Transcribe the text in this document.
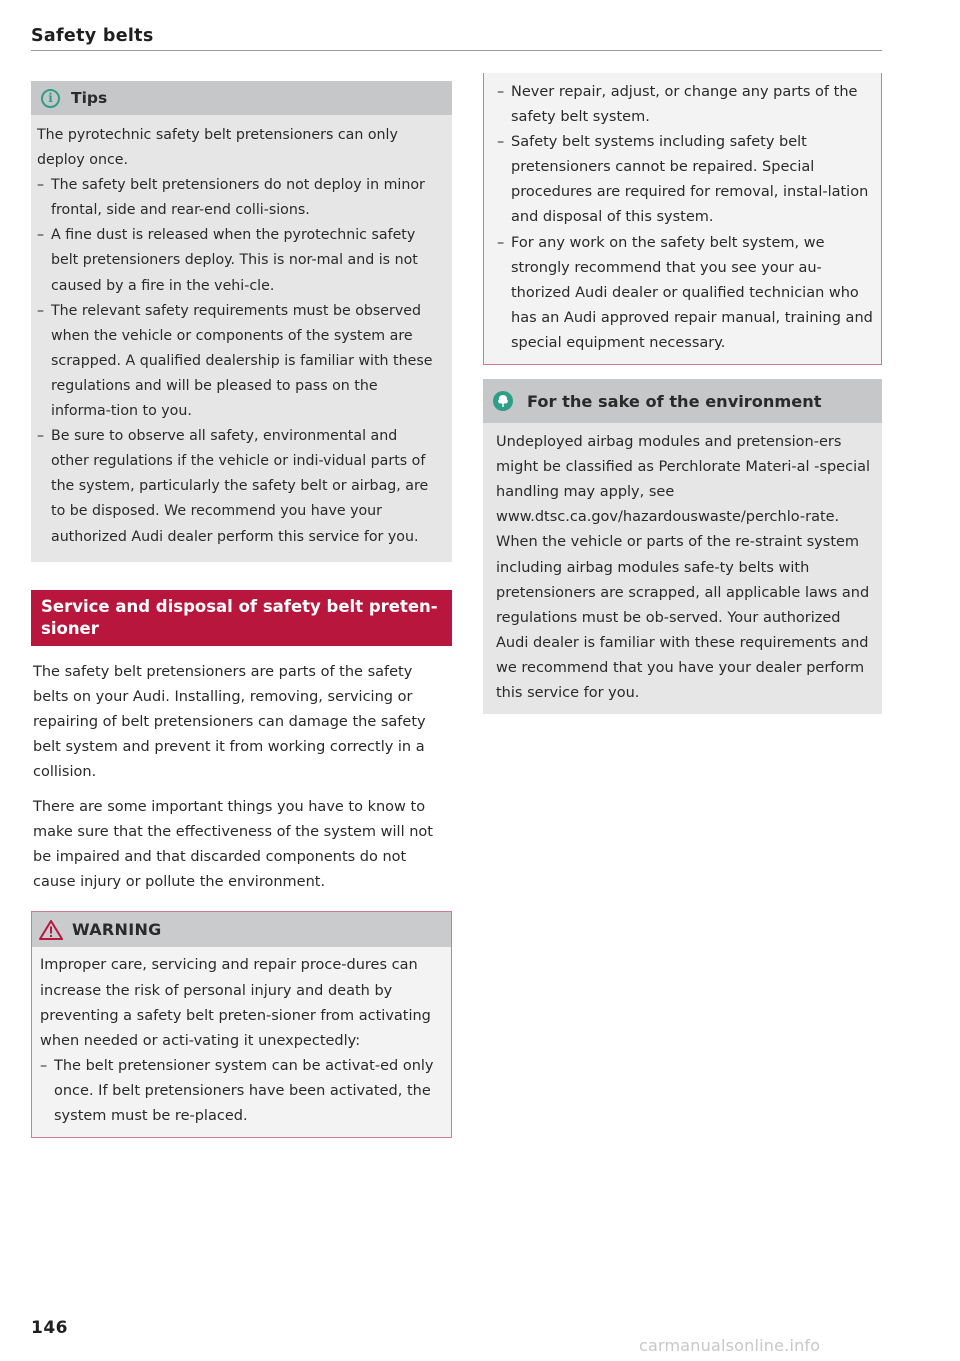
Safety belts
i	Tips

The pyrotechnic safety belt pretensioners can only deploy once.

– The safety belt pretensioners do not deploy in minor frontal, side and rear-end colli-sions.
– A fine dust is released when the pyrotechnic safety belt pretensioners deploy. This is nor-mal and is not caused by a fire in the vehi-cle.
– The relevant safety requirements must be observed when the vehicle or components of the system are scrapped. A qualified dealership is familiar with these regulations and will be pleased to pass on the informa-tion to you.
– Be sure to observe all safety, environmental and other regulations if the vehicle or indi-vidual parts of the system, particularly the safety belt or airbag, are to be disposed. We recommend you have your authorized Audi dealer perform this service for you.
Service and disposal of safety belt preten-sioner

The safety belt pretensioners are parts of the safety belts on your Audi. Installing, removing, servicing or repairing of belt pretensioners can damage the safety belt system and prevent it from working correctly in a collision.

There are some important things you have to know to make sure that the effectiveness of the system will not be impaired and that discarded components do not cause injury or pollute the environment.

WARNING

Improper care, servicing and repair proce-dures can increase the risk of personal injury and death by preventing a safety belt preten-sioner from activating when needed or acti-vating it unexpectedly:

– The belt pretensioner system can be activat-ed only once. If belt pretensioners have been activated, the system must be re-placed.
– Never repair, adjust, or change any parts of the safety belt system.
– Safety belt systems including safety belt pretensioners cannot be repaired. Special procedures are required for removal, instal-lation and disposal of this system.
– For any work on the safety belt system, we strongly recommend that you see your au-thorized Audi dealer or qualified technician who has an Audi approved repair manual, training and special equipment necessary.
For the sake of the environment

Undeployed airbag modules and pretension-ers might be classified as Perchlorate Materi-al -special handling may apply, see www.dtsc.ca.gov/hazardouswaste/perchlo-rate. When the vehicle or parts of the re-straint system including airbag modules safe-ty belts with pretensioners are scrapped, all applicable laws and regulations must be ob-served. Your authorized Audi dealer is familiar with these requirements and we recommend that you have your dealer perform this service for you.

146
carmanualsonline.info
